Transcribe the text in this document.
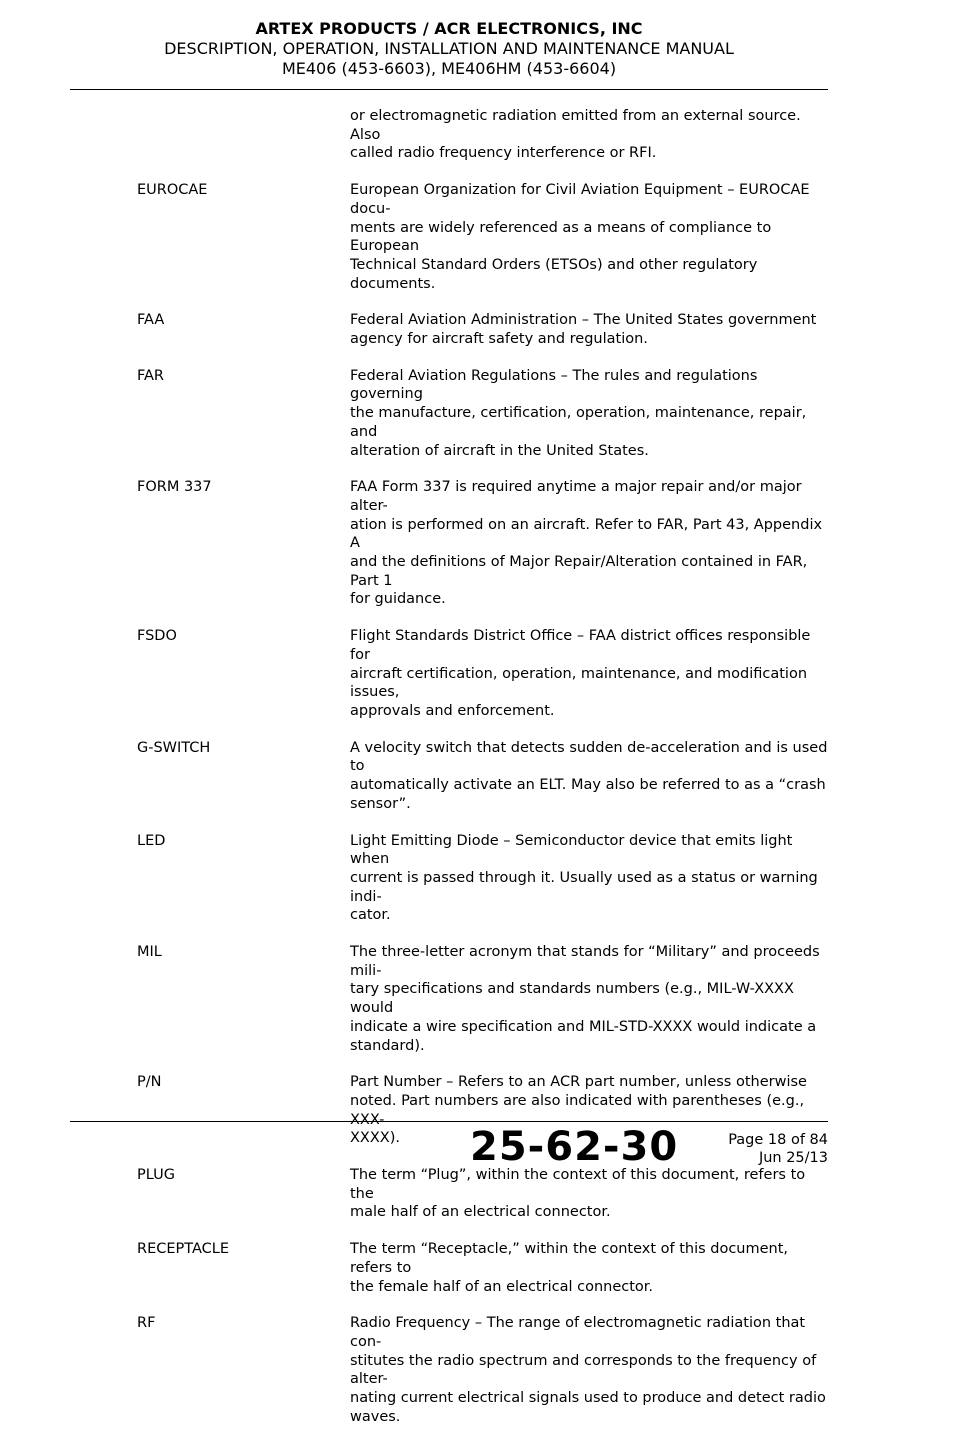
ARTEX PRODUCTS / ACR ELECTRONICS, INC
DESCRIPTION, OPERATION, INSTALLATION AND MAINTENANCE MANUAL
ME406 (453-6603), ME406HM (453-6604)
or electromagnetic radiation emitted from an external source. Also
called radio frequency interference or RFI.
EUROCAE	European Organization for Civil Aviation Equipment – EUROCAE docu-
ments are widely referenced as a means of compliance to European
Technical Standard Orders (ETSOs) and other regulatory documents.
FAA	Federal Aviation Administration – The United States government
agency for aircraft safety and regulation.
FAR	Federal Aviation Regulations – The rules and regulations governing
the manufacture, certification, operation, maintenance, repair, and
alteration of aircraft in the United States.
FORM 337	FAA Form 337 is required anytime a major repair and/or major alter-
ation is performed on an aircraft. Refer to FAR, Part 43, Appendix A
and the definitions of Major Repair/Alteration contained in FAR, Part 1
for guidance.
FSDO	Flight Standards District Office – FAA district offices responsible for
aircraft certification, operation, maintenance, and modification issues,
approvals and enforcement.
G-SWITCH	A velocity switch that detects sudden de-acceleration and is used to
automatically activate an ELT. May also be referred to as a “crash
sensor”.
LED	Light Emitting Diode – Semiconductor device that emits light when
current is passed through it. Usually used as a status or warning indi-
cator.
MIL	The three-letter acronym that stands for “Military” and proceeds mili-
tary specifications and standards numbers (e.g., MIL-W-XXXX would
indicate a wire specification and MIL-STD-XXXX would indicate a
standard).
P/N	Part Number – Refers to an ACR part number, unless otherwise
noted. Part numbers are also indicated with parentheses (e.g., XXX-
XXXX).
PLUG	The term “Plug”, within the context of this document, refers to the
male half of an electrical connector.
RECEPTACLE	The term “Receptacle,” within the context of this document, refers to
the female half of an electrical connector.
RF	Radio Frequency – The range of electromagnetic radiation that con-
stitutes the radio spectrum and corresponds to the frequency of alter-
nating current electrical signals used to produce and detect radio
waves.
25-62-30	Page 18 of 84
Jun 25/13
